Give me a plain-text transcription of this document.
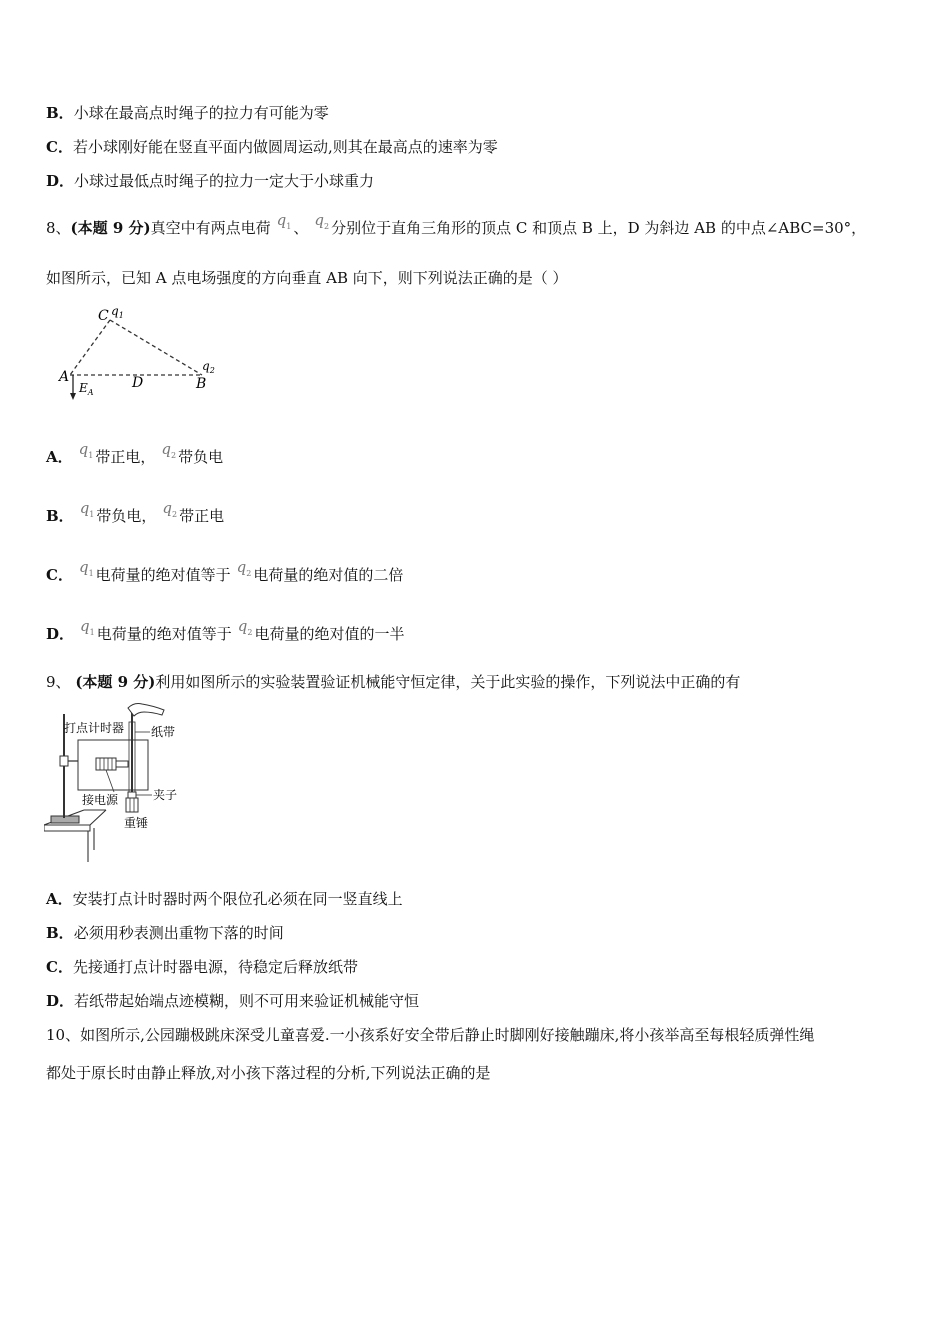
B．小球在最高点时绳子的拉力有可能为零
C．若小球刚好能在竖直平面内做圆周运动,则其在最高点的速率为零
D．小球过最低点时绳子的拉力一定大于小球重力
8、(本题 9 分)真空中有两点电荷 $q_1$ 、 $q_2$ 分别位于直角三角形的顶点 C 和顶点 B 上，D 为斜边 AB 的中点∠ABC=30°，
如图所示，已知 A 点电场强度的方向垂直 AB 向下，则下列说法正确的是（ ）
C $q_1$
A	D	B
$q_2$
$E_A$
A． $q_1$ 带正电， $q_2$ 带负电
B． $q_1$ 带负电， $q_2$ 带正电
C． $q_1$ 电荷量的绝对值等于 $q_2$ 电荷量的绝对值的二倍
D． $q_1$ 电荷量的绝对值等于 $q_2$ 电荷量的绝对值的一半
9、 (本题 9 分)利用如图所示的实验装置验证机械能守恒定律，关于此实验的操作，下列说法中正确的有
打点计时器 纸带
夹子
接电源
重锤
A．安装打点计时器时两个限位孔必须在同一竖直线上
B．必须用秒表测出重物下落的时间
C．先接通打点计时器电源，待稳定后释放纸带
D．若纸带起始端点迹模糊，则不可用来验证机械能守恒
10、如图所示,公园蹦极跳床深受儿童喜爱.一小孩系好安全带后静止时脚刚好接触蹦床,将小孩举高至每根轻质弹性绳
都处于原长时由静止释放,对小孩下落过程的分析,下列说法正确的是
